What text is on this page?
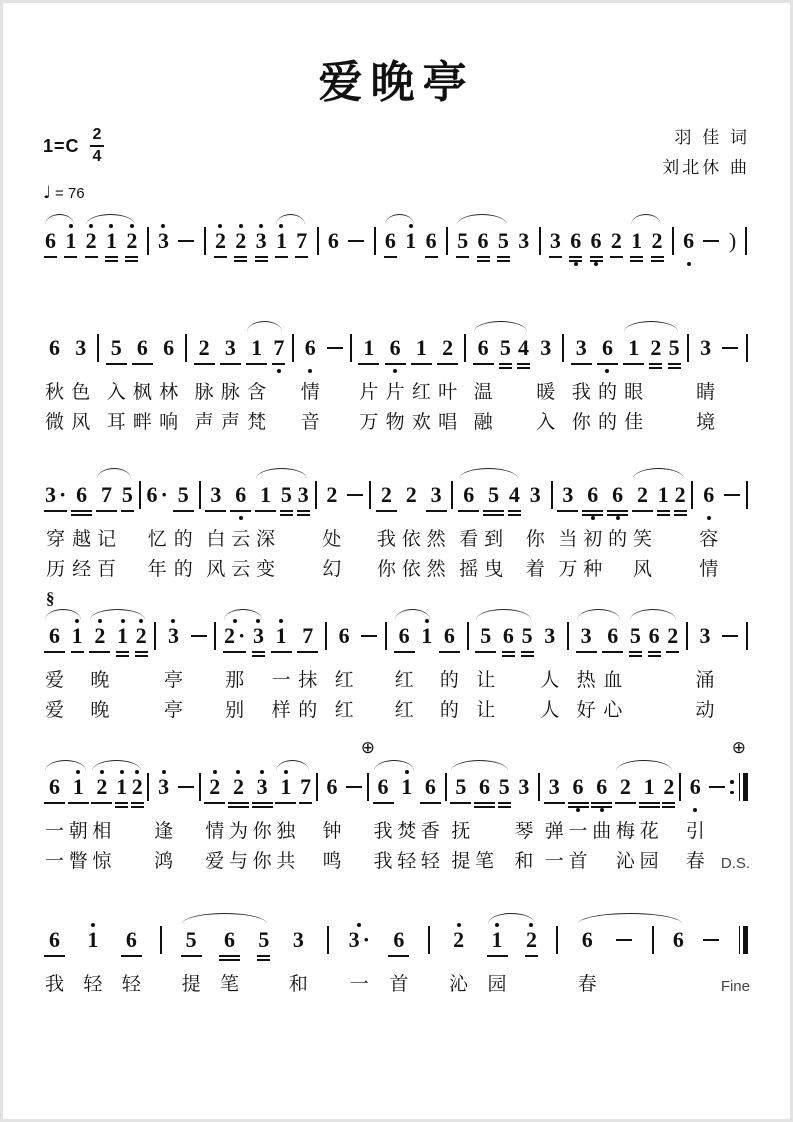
爱晚亭
$1=C \frac{2}{4}$	羽 佳 词
刘北休 曲
♩ = 76
6 1 2 1 2 3 2 2 3 1 7 6 6 1 6 5 6 5 3 3 6 6 2 1 2 6 )
6
秋
微
3
色
风
5
入
耳
6
枫
畔
6
林
响
2
脉
声
3
脉
声
1
含
梵
7 6
情
音
1
片
万
6
片
物
1
红
欢
2
叶
唱
6
温
融
5 4 3
暖
入
3
我
你
6
的
的
1
眼
佳
2 5 3
睛
境
3 ·
穿
历
6
越
经
7
记
百
5 6 ·
忆
年
5
的
的
3
白
风
6
云
云
1
深
变
5 3 2
处
幻
2
我
你
2
依
依
3
然
然
6
看
摇
5
到
曳
4 3
你
着
3
当
万
6
初
种
6
的
2
笑
风
1 2 6
容
情
§
6
爱
爱
1 2
晚
晚
1 2 3
亭
亭
2 ·
那
别
3 1
一
样
7
抹
的
6
红
红
6
红
红
1 6
的
的
5
让
让
6 5 3
人
人
3
热
好
6
血
心
5 6 2 3
涌
动
6
一
一
1
朝
瞥
2
相
惊
1 2 3
逢
鸿
2
情
爱
2
为
与
3
你
你
1
独
共
7 6
钟
鸣
⊕
6
我
我
1
焚
轻
6
香
轻
5
抚
提
6
笔
5 3
琴
和
3
弹
一
6
一
首
6
曲
2
梅
沁
1
花
园
2 6
引
春
⊕
D.S.
6
我
1
轻
6
轻
5
提
6
笔
5 3
和
3 ·
一
6
首
2
沁
1
园
2 6
春
6
Fine
